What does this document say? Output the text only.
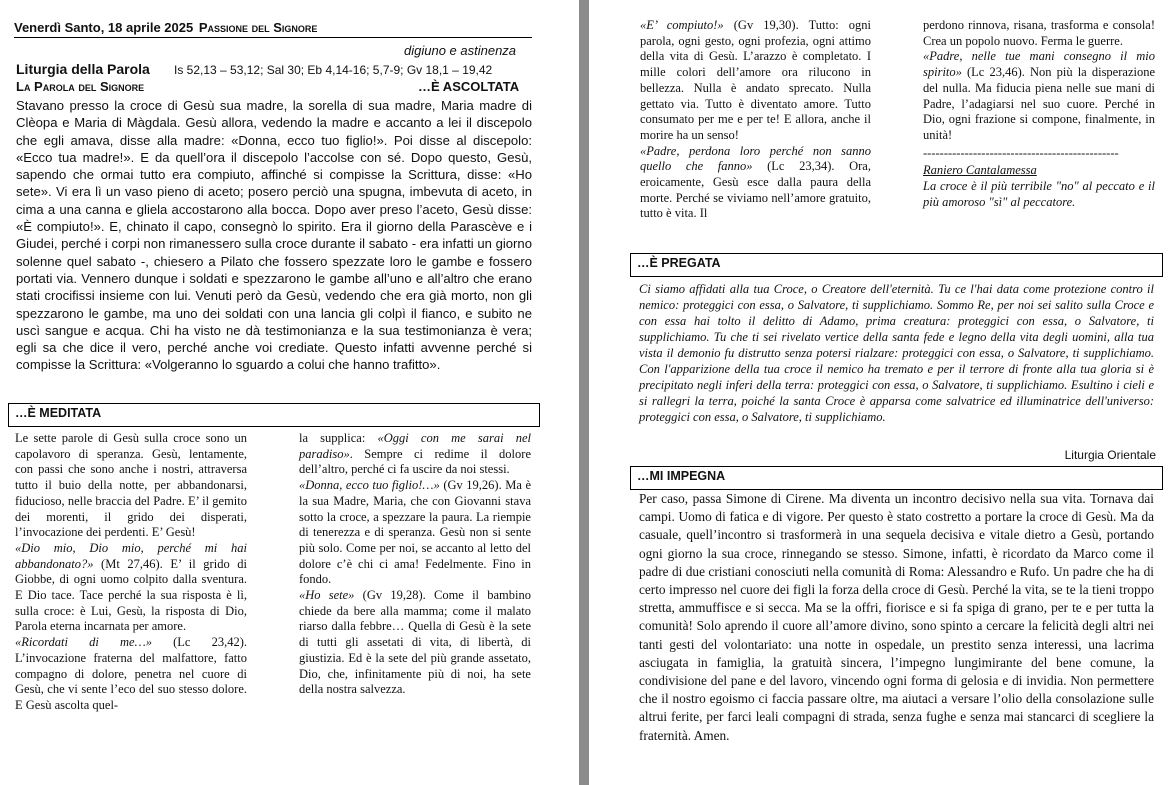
Venerdì Santo, 18 aprile 2025 Passione del Signore
digiuno e astinenza
Liturgia della Parola Is 52,13 – 53,12; Sal 30; Eb 4,14-16; 5,7-9; Gv 18,1 – 19,42
La Parola del Signore	…È ASCOLTATA
Stavano presso la croce di Gesù sua madre, la sorella di sua madre, Maria madre di Clèopa e Maria di Màgdala. Gesù allora, vedendo la madre e accanto a lei il discepolo che egli amava, disse alla madre: «Donna, ecco tuo figlio!». Poi disse al discepolo: «Ecco tua madre!». E da quell’ora il discepolo l’accolse con sé. Dopo questo, Gesù, sapendo che ormai tutto era compiuto, affinché si compisse la Scrittura, disse: «Ho sete». Vi era lì un vaso pieno di aceto; posero perciò una spugna, imbevuta di aceto, in cima a una canna e gliela accostarono alla bocca. Dopo aver preso l’aceto, Gesù disse: «È compiuto!». E, chinato il capo, consegnò lo spirito. Era il giorno della Parascève e i Giudei, perché i corpi non rimanessero sulla croce durante il sabato - era infatti un giorno solenne quel sabato -, chiesero a Pilato che fossero spezzate loro le gambe e fossero portati via. Vennero dunque i soldati e spezzarono le gambe all’uno e all’altro che erano stati crocifissi insieme con lui. Venuti però da Gesù, vedendo che era già morto, non gli spezzarono le gambe, ma uno dei soldati con una lancia gli colpì il fianco, e subito ne uscì sangue e acqua. Chi ha visto ne dà testimonianza e la sua testimonianza è vera; egli sa che dice il vero, perché anche voi crediate. Questo infatti avvenne perché si compisse la Scrittura: «Volgeranno lo sguardo a colui che hanno trafitto».
…È MEDITATA

Le sette parole di Gesù sulla croce sono un capolavoro di speranza. Gesù, lentamente, con passi che sono anche i nostri, attraversa tutto il buio della notte, per abbandonarsi, fiducioso, nelle braccia del Padre. E’ il gemito dei morenti, il grido dei disperati, l’invocazione dei perdenti. E’ Gesù!

«Dio mio, Dio mio, perché mi hai abbandonato?» (Mt 27,46). E’ il grido di Giobbe, di ogni uomo colpito dalla sventura. E Dio tace. Tace perché la sua risposta è lì, sulla croce: è Lui, Gesù, la risposta di Dio, Parola eterna incarnata per amore.

«Ricordati di me…» (Lc 23,42). L’invocazione fraterna del malfattore, fatto compagno di dolore, penetra nel cuore di Gesù, che vi sente l’eco del suo stesso dolore. E Gesù ascolta quel-

la supplica: «Oggi con me sarai nel paradiso». Sempre ci redime il dolore dell’altro, perché ci fa uscire da noi stessi.

«Donna, ecco tuo figlio!…» (Gv 19,26). Ma è la sua Madre, Maria, che con Giovanni stava sotto la croce, a spezzare la paura. La riempie di tenerezza e di speranza. Gesù non si sente più solo. Come per noi, se accanto al letto del dolore c’è chi ci ama! Fedelmente. Fino in fondo.

«Ho sete» (Gv 19,28). Come il bambino chiede da bere alla mamma; come il malato riarso dalla febbre… Quella di Gesù è la sete di tutti gli assetati di vita, di libertà, di giustizia. Ed è la sete del più grande assetato, Dio, che, infinitamente più di noi, ha sete della nostra salvezza.

«E’ compiuto!» (Gv 19,30). Tutto: ogni parola, ogni gesto, ogni profezia, ogni attimo della vita di Gesù. L’arazzo è completato. I mille colori dell’amore ora riluconо in bellezza. Nulla è andato sprecato. Nulla gettato via. Tutto è diventato amore. Tutto consumato per me e per te! E allora, anche il morire ha un senso!

«Padre, perdona loro perché non sanno quello che fanno» (Lc 23,34). Ora, eroicamente, Gesù esce dalla paura della morte. Perché se viviamo nell’amore gratuito, tutto è vita. Il

perdono rinnova, risana, trasforma e consola! Crea un popolo nuovo. Ferma le guerre.

«Padre, nelle tue mani consegno il mio spirito» (Lc 23,46). Non più la disperazione del nulla. Ma fiducia piena nelle sue mani di Padre, l’adagiarsi nel suo cuore. Perché in Dio, ogni frazione si compone, finalmente, in unità!

-----------------------------------------------

Raniero Cantalamessa

La croce è il più terribile "no" al peccato e il più amoroso "sì" al peccatore.

…È PREGATA
Ci siamo affidati alla tua Croce, o Creatore dell'eternità. Tu ce l'hai data come protezione contro il nemico: proteggici con essa, o Salvatore, ti supplichiamo. Sommo Re, per noi sei salito sulla Croce e con essa hai tolto il delitto di Adamo, prima creatura: proteggici con essa, o Salvatore, ti supplichiamo. Tu che ti sei rivelato vertice della santa fede e legno della vita degli uomini, alla tua vista il demonio fu distrutto senza potersi rialzare: proteggici con essa, o Salvatore, ti supplichiamo. Con l'apparizione della tua croce il nemico ha tremato e per il terrore di fronte alla tua gloria si è precipitato negli inferi della terra: proteggici con essa, o Salvatore, ti supplichiamo. Esultino i cieli e si rallegri la terra, poiché la santa Croce è apparsa come salvatrice ed illuminatrice dell'universo: proteggici con essa, o Salvatore, ti supplichiamo.
Liturgia Orientale
…MI IMPEGNA
Per caso, passa Simone di Cirene. Ma diventa un incontro decisivo nella sua vita. Tornava dai campi. Uomo di fatica e di vigore. Per questo è stato costretto a portare la croce di Gesù. Ma da casuale, quell’incontro si trasformerà in una sequela decisiva e vitale dietro a Gesù, portando ogni giorno la sua croce, rinnegando se stesso. Simone, infatti, è ricordato da Marco come il padre di due cristiani conosciuti nella comunità di Roma: Alessandro e Rufo. Un padre che ha di certo impresso nel cuore dei figli la forza della croce di Gesù. Perché la vita, se te la tieni troppo stretta, ammuffisce e si secca. Ma se la offri, fiorisce e si fa spiga di grano, per te e per tutta la comunità! Solo aprendo il cuore all’amore divino, sono spinto a cercare la felicità degli altri nei tanti gesti del volontariato: una notte in ospedale, un prestito senza interessi, una lacrima asciugata in famiglia, la gratuità sincera, l’impegno lungimirante del bene comune, la condivisione del pane e del lavoro, vincendo ogni forma di gelosia e di invidia. Non permettere che il nostro egoismo ci faccia passare oltre, ma aiutaci a versare l’olio della consolazione sulle altrui ferite, per farci leali compagni di strada, senza fughe e senza mai stancarci di scegliere la fraternità. Amen.
